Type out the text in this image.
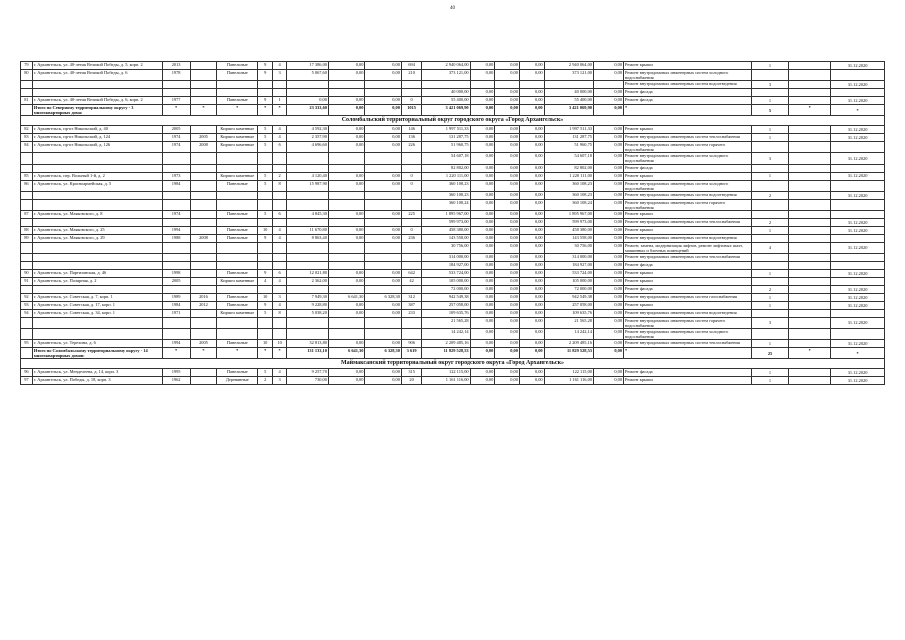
40
79	г. Архангельск, ул. 40-летия Великой Победы, д. 5, корп. 2	2013		Панельные	9	4	17 386,00	0,00	0,00	694	2 940 064,00	0,00	0,00	0,00	2 940 064,00	0,00	Ремонт крыши	1		31.12.2020
80	г. Архангельск, ул. 40-летия Великой Победы, д. 6	1978		Панельные	9	3	5 067,60	0,00	0,00	210	373 121,00	0,00	0,00	0,00	373 121,00	0,00	Ремонт внутридомовых инженерных систем холодного водоснабжения			
																	Ремонт внутридомовых инженерных систем водоотведения	3		31.12.2020
											40 000,00	0,00	0,00	0,00	40 000,00	0,00	Ремонт фасада			
81	г. Архангельск, ул. 40-летия Великой Победы, д. 6, корп. 2	1977		Панельные	9	1	0,00	0,00	0,00	0	55 400,00	0,00	0,00	0,00	55 400,00	0,00	Ремонт фасада	1		31.12.2020
	Итого по Северному территориальному округу - 3 многоквартирных дома:	*	*	*	*	*	23 333,60	0,00	0,00	1015	3 421 069,90	0,00	0,00	0,00	3 421 069,90	0,00	*	5	*	*
Соломбальский территориальный округ городского округа «Город Архангельск»																				
82	г. Архангельск, пр-кт Никольский, д. 40	2005		Кирпич каменные	5	4	4 592,30	0,00	0,00	146	1 997 511,33	0,00	0,00	0,00	1 997 511,33	0,00	Ремонт крыши	1		31.12.2020
83	г. Архангельск, пр-кт Никольский, д. 124	1974	2005	Кирпич каменные	5	4	2 357,90	0,00	0,00	136	131 287,75	0,00	0,00	0,00	131 287,75	0,00	Ремонт внутридомовых инженерных систем теплоснабжения	1		31.12.2020
84	г. Архангельск, пр-кт Никольский, д. 126	1974	2008	Кирпич каменные	5	6	4 696,60	0,00	0,00	226	51 960,75	0,00	0,00	0,00	51 960,75	0,00	Ремонт внутридомовых инженерных систем горячего водоснабжения			
											54 607,18	0,00	0,00	0,00	54 607,18	0,00	Ремонт внутридомовых инженерных систем холодного водоснабжения	3		31.12.2020
											82 802,00	0,00	0,00	0,00	82 802,00	0,00	Ремонт фасада			
85	г. Архангельск, пер. Вольный 1-й, д. 2	1973		Кирпич каменные	5	2	4 120,40	0,00	0,00	0	1 220 111,00	0,00	0,00	0,00	1 220 111,00	0,00	Ремонт крыши	1		31.12.2020
86	г. Архангельск, ул. Красноармейская, д. 5	1984		Панельные	5	8	15 987,90	0,00	0,00	0	360 108,23	0,00	0,00	0,00	360 108,23	0,00	Ремонт внутридомовых инженерных систем холодного водоснабжения			
											360 108,23	0,00	0,00	0,00	360 108,23	0,00	Ремонт внутридомовых инженерных систем водоотведения	2		31.12.2020
											360 108,24	0,00	0,00	0,00	360 108,24	0,00	Ремонт внутридомовых инженерных систем горячего водоснабжения			
87	г. Архангельск, ул. Маяковского, д. 8	1974		Панельные	5	6	4 845,30	0,00	0,00	225	1 895 967,00	0,00	0,00	0,00	1 895 967,00	0,00	Ремонт крыши			
											599 973,00	0,00	0,00	0,00	599 973,00	0,00	Ремонт внутридомовых инженерных систем теплоснабжения	2		31.12.2020
88	г. Архангельск, ул. Маяковского, д. 25	1994		Панельные	10	4	11 670,80	0,00	0,00	0	458 380,00	0,00	0,00	0,00	458 380,00	0,00	Ремонт крыши	1		31.12.2020
89	г. Архангельск, ул. Маяковского, д. 29	1988	2008	Панельные	9	4	8 863,40	0,00	0,00	236	143 558,00	0,00	0,00	0,00	143 558,00	0,00	Ремонт внутридомовых инженерных систем водоотведения			
											30 756,00	0,00	0,00	0,00	30 756,00	0,00	Ремонт, замена, модернизация лифтов, ремонт лифтовых шахт, машинных и блочных помещений	4		31.12.2020
											314 000,00	0,00	0,00	0,00	314 000,00	0,00	Ремонт внутридомовых инженерных систем теплоснабжения			
											184 927,00	0,00	0,00	0,00	184 927,00	0,00	Ремонт фасада			
90	г. Архангельск, ул. Партизанская, д. 46	1998		Панельные	9	6	12 021,80	0,00	0,00	642	533 724,00	0,00	0,00	0,00	533 724,00	0,00	Ремонт крыши	1		31.12.2020
91	г. Архангельск, ул. Полярная, д. 2	2005		Кирпич каменные	4	4	2 362,00	0,00	0,00	42	105 000,00	0,00	0,00	0,00	105 000,00	0,00	Ремонт крыши			
											72 000,00	0,00	0,00	0,00	72 000,00	0,00	Ремонт фасада	2		31.12.2020
92	г. Архангельск, ул. Советская, д. 7, корп. 1	1989	2016	Панельные	10	3	7 949,30	6 641,30	6 328,30	312	942 549,38	0,00	0,00	0,00	942 549,38	0,00	Ремонт внутридомовых инженерных систем газоснабжения	1		31.12.2020
93	г. Архангельск, ул. Советская, д. 17, корп. 1	1984	2012	Панельные	9	4	9 228,80	0,00	0,00	387	257 058,00	0,00	0,00	0,00	257 058,00	0,00	Ремонт крыши	1		31.12.2020
94	г. Архангельск, ул. Советская, д. 34, корп. 1	1971		Кирпич каменные	5	8	5 038,20	0,00	0,00	233	109 635,76	0,00	0,00	0,00	109 635,76	0,00	Ремонт внутридомовых инженерных систем водоотведения			
											21 565,28	0,00	0,00	0,00	21 565,28	0,00	Ремонт внутридомовых инженерных систем горячего водоснабжения	3		31.12.2020
											14 242,14	0,00	0,00	0,00	14 242,14	0,00	Ремонт внутридомовых инженерных систем холодного водоснабжения			
95	г. Архангельск, ул. Терехина, д. 6	1994	2005	Панельные	10	10	32 813,80	0,00	0,00	906	2 209 485,16	0,00	0,00	0,00	2 209 485,16	0,00	Ремонт внутридомовых инженерных систем теплоснабжения	1		31.12.2020
	Итого по Соломбальскому территориальному округу - 14 многоквартирных домов:	*	*	*	*	*	131 133,10	6 641,30	6 328,30	3 619	11 829 528,53	0,00	0,00	0,00	11 829 528,53	0,00	*	25	*	*
Маймаксанский территориальный округ городского округа «Город Архангельск»																				
96	г. Архангельск, ул. Менделеева, д. 14, корп. 3	1995		Панельные	5	4	9 257,70	0,00	0,00	315	122 115,00	0,00	0,00	0,00	122 115,00	0,00	Ремонт фасада	1		31.12.2020
97	г. Архангельск, ул. Победы, д. 18, корп. 3	1962		Деревянные	2	3	730,00	0,00	0,00	20	1 161 116,00	0,00	0,00	0,00	1 161 116,00	0,00	Ремонт крыши	1		31.12.2020
